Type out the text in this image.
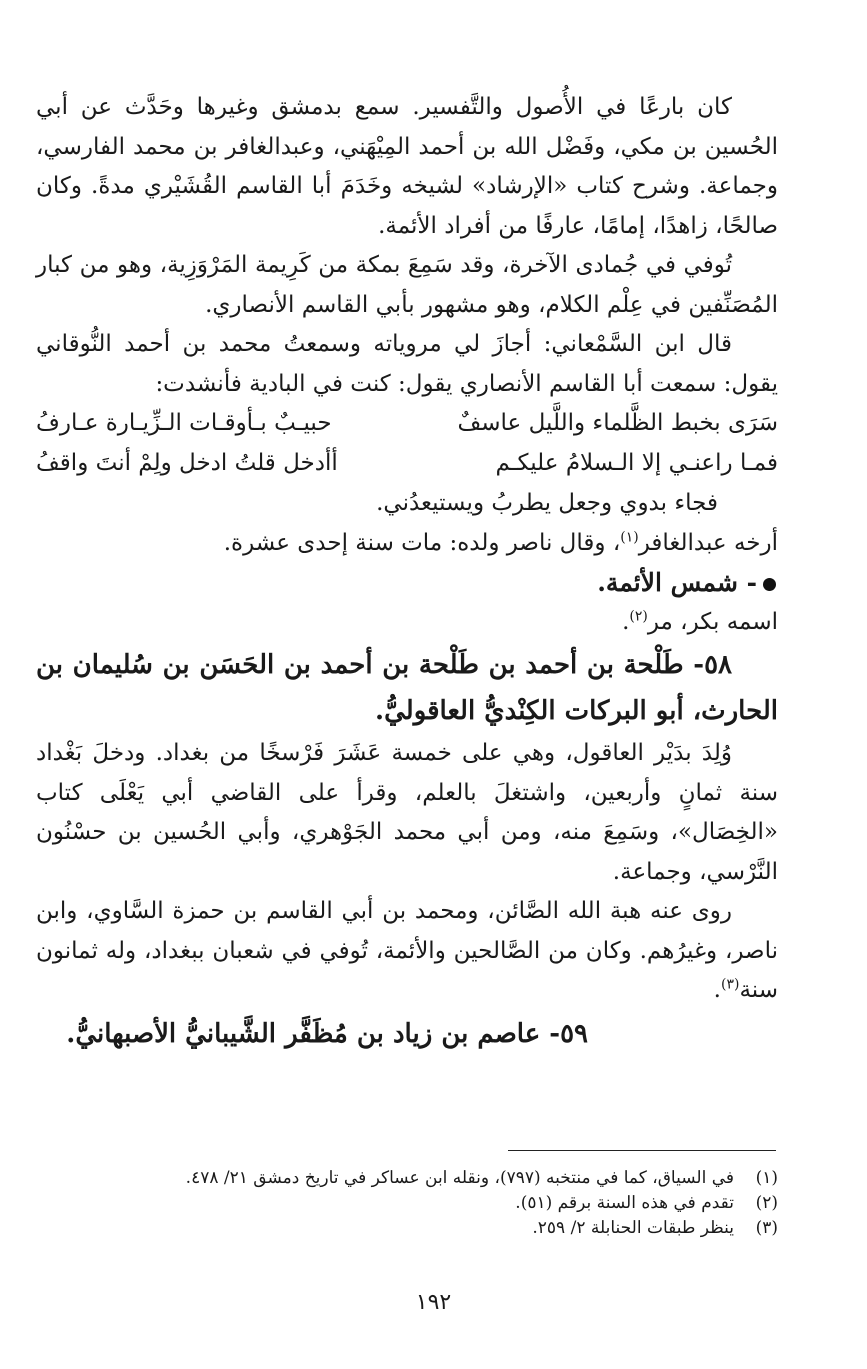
كان بارعًا في الأُصول والتَّفسير. سمع بدمشق وغيرها وحَدَّث عن أبي الحُسين بن مكي، وفَضْل الله بن أحمد المِيْهَني، وعبدالغافر بن محمد الفارسي، وجماعة. وشرح كتاب «الإرشاد» لشيخه وخَدَمَ أبا القاسم القُشَيْري مدةً. وكان صالحًا، زاهدًا، إمامًا، عارفًا من أفراد الأئمة.

تُوفي في جُمادى الآخرة، وقد سَمِعَ بمكة من كَرِيمة المَرْوَزِية، وهو من كبار المُصَنِّفين في عِلْم الكلام، وهو مشهور بأبي القاسم الأنصاري.

قال ابن السَّمْعاني: أجازَ لي مروياته وسمعتُ محمد بن أحمد النُّوقاني يقول: سمعت أبا القاسم الأنصاري يقول: كنت في البادية فأنشدت:

سَرَى بخبط الظَّلماء واللَّيل عاسفٌ
حبيـبٌ بـأوقـات الـزِّيـارة عـارفُ
فمـا راعنـي إلا الـسلامُ عليكـم
أأدخل قلتُ ادخل ولِمْ أنتَ واقفُ

فجاء بدوي وجعل يطربُ ويستيعدُني.

أرخه عبدالغافر$^{(١)}$، وقال ناصر ولده: مات سنة إحدى عشرة.

- شمس الأئمة.

اسمه بكر، مر$^{(٢)}$.

٥٨- طَلْحة بن أحمد بن طَلْحة بن أحمد بن الحَسَن بن سُليمان بن الحارث، أبو البركات الكِنْديُّ العاقوليُّ.

وُلِدَ بدَيْر العاقول، وهي على خمسة عَشَرَ فَرْسخًا من بغداد. ودخلَ بَغْداد سنة ثمانٍ وأربعين، واشتغلَ بالعلم، وقرأ على القاضي أبي يَعْلَى كتاب «الخِصَال»، وسَمِعَ منه، ومن أبي محمد الجَوْهري، وأبي الحُسين بن حسْنُون النَّرْسي، وجماعة.

روى عنه هبة الله الصَّائن، ومحمد بن أبي القاسم بن حمزة السَّاوي، وابن ناصر، وغيرُهم. وكان من الصَّالحين والأئمة، تُوفي في شعبان ببغداد، وله ثمانون سنة$^{(٣)}$.

٥٩- عاصم بن زياد بن مُظَفَّر الشَّيبانيُّ الأصبهانيُّ.

(١)في السياق، كما في منتخبه (٧٩٧)، ونقله ابن عساكر في تاريخ دمشق ٢١/ ٤٧٨.

(٢)تقدم في هذه السنة برقم (٥١).

(٣)ينظر طبقات الحنابلة ٢/ ٢٥٩.

١٩٢
